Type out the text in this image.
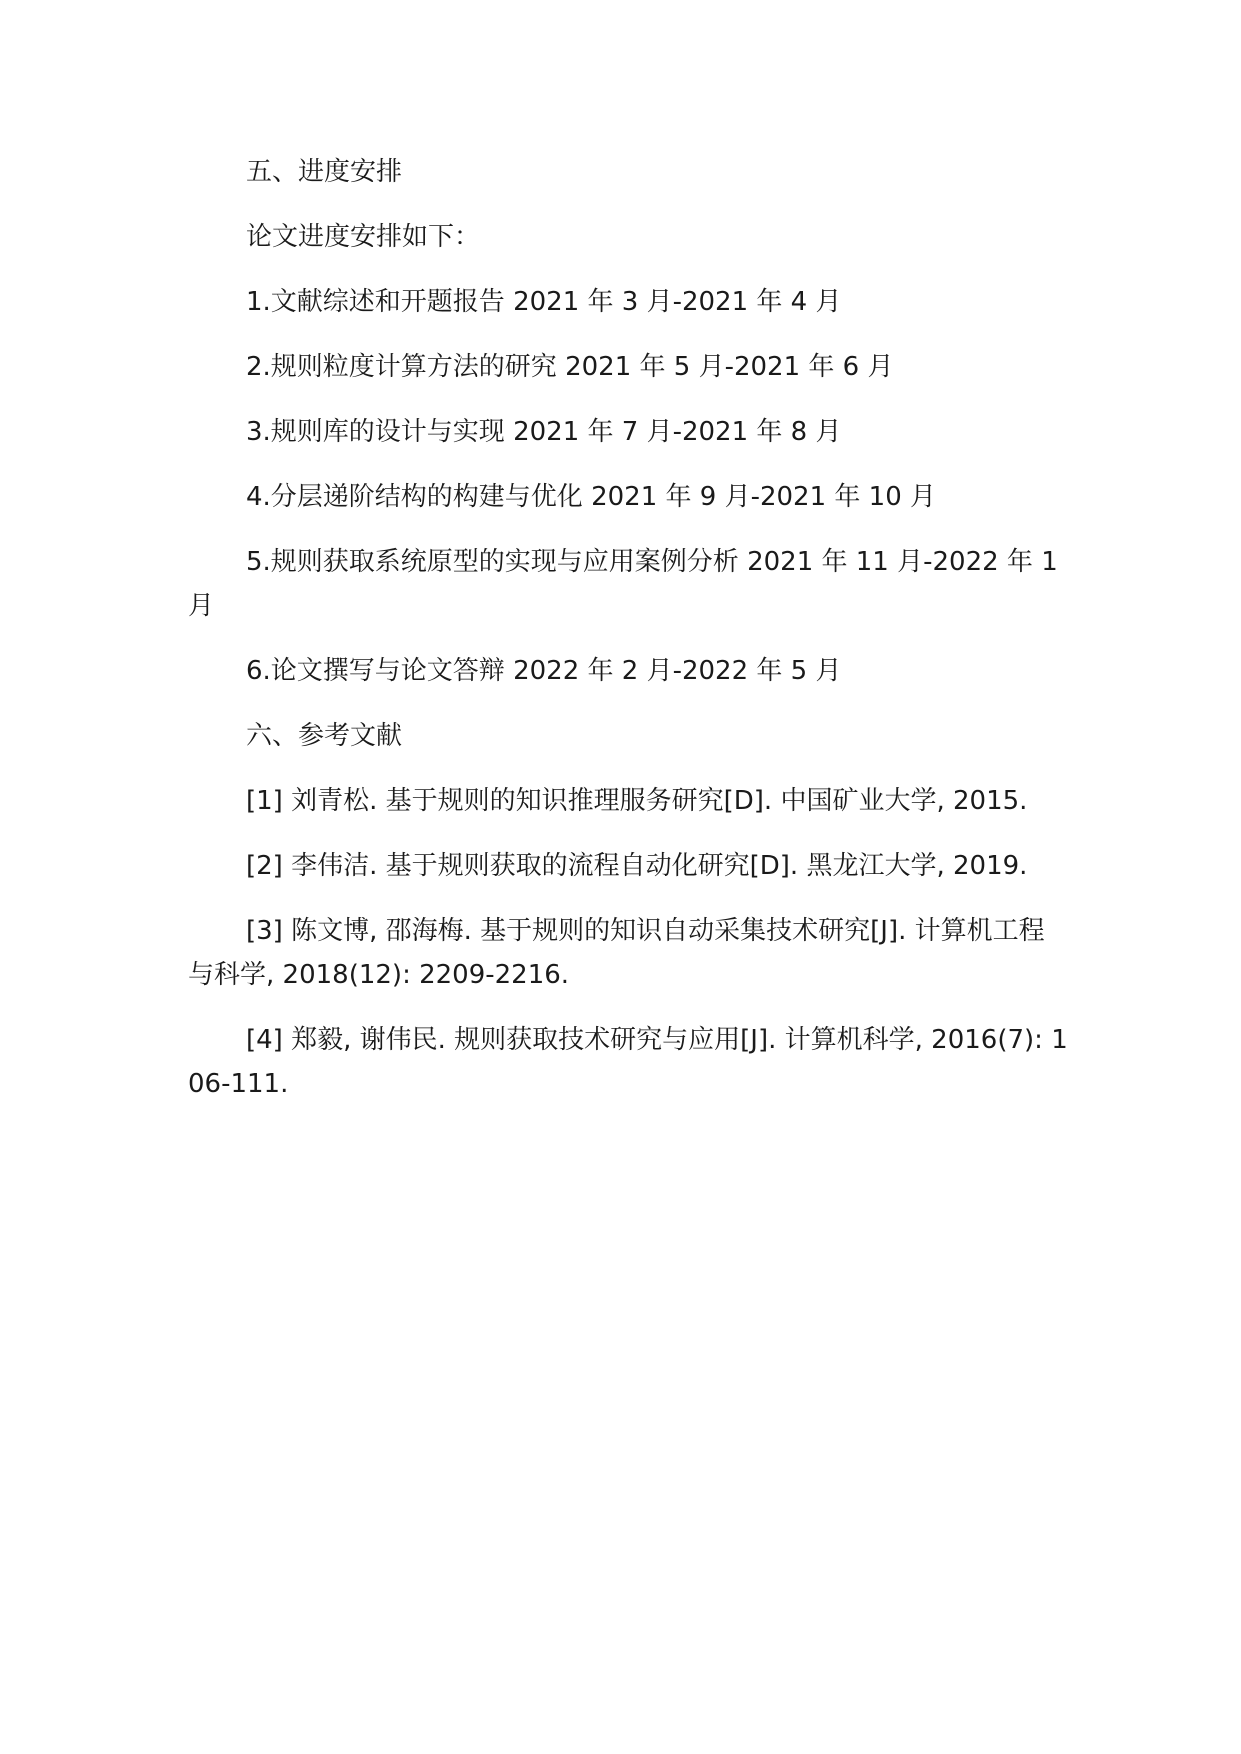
五、进度安排

论文进度安排如下：

1.文献综述和开题报告 2021 年 3 月-2021 年 4 月

2.规则粒度计算方法的研究 2021 年 5 月-2021 年 6 月

3.规则库的设计与实现 2021 年 7 月-2021 年 8 月

4.分层递阶结构的构建与优化 2021 年 9 月-2021 年 10 月

5.规则获取系统原型的实现与应用案例分析 2021 年 11 月-2022 年 1 月

6.论文撰写与论文答辩 2022 年 2 月-2022 年 5 月

六、参考文献

[1] 刘青松. 基于规则的知识推理服务研究[D]. 中国矿业大学, 2015.

[2] 李伟洁. 基于规则获取的流程自动化研究[D]. 黑龙江大学, 2019.

[3] 陈文博, 邵海梅. 基于规则的知识自动采集技术研究[J]. 计算机工程与科学, 2018(12): 2209-2216.

[4] 郑毅, 谢伟民. 规则获取技术研究与应用[J]. 计算机科学, 2016(7): 106-111.
